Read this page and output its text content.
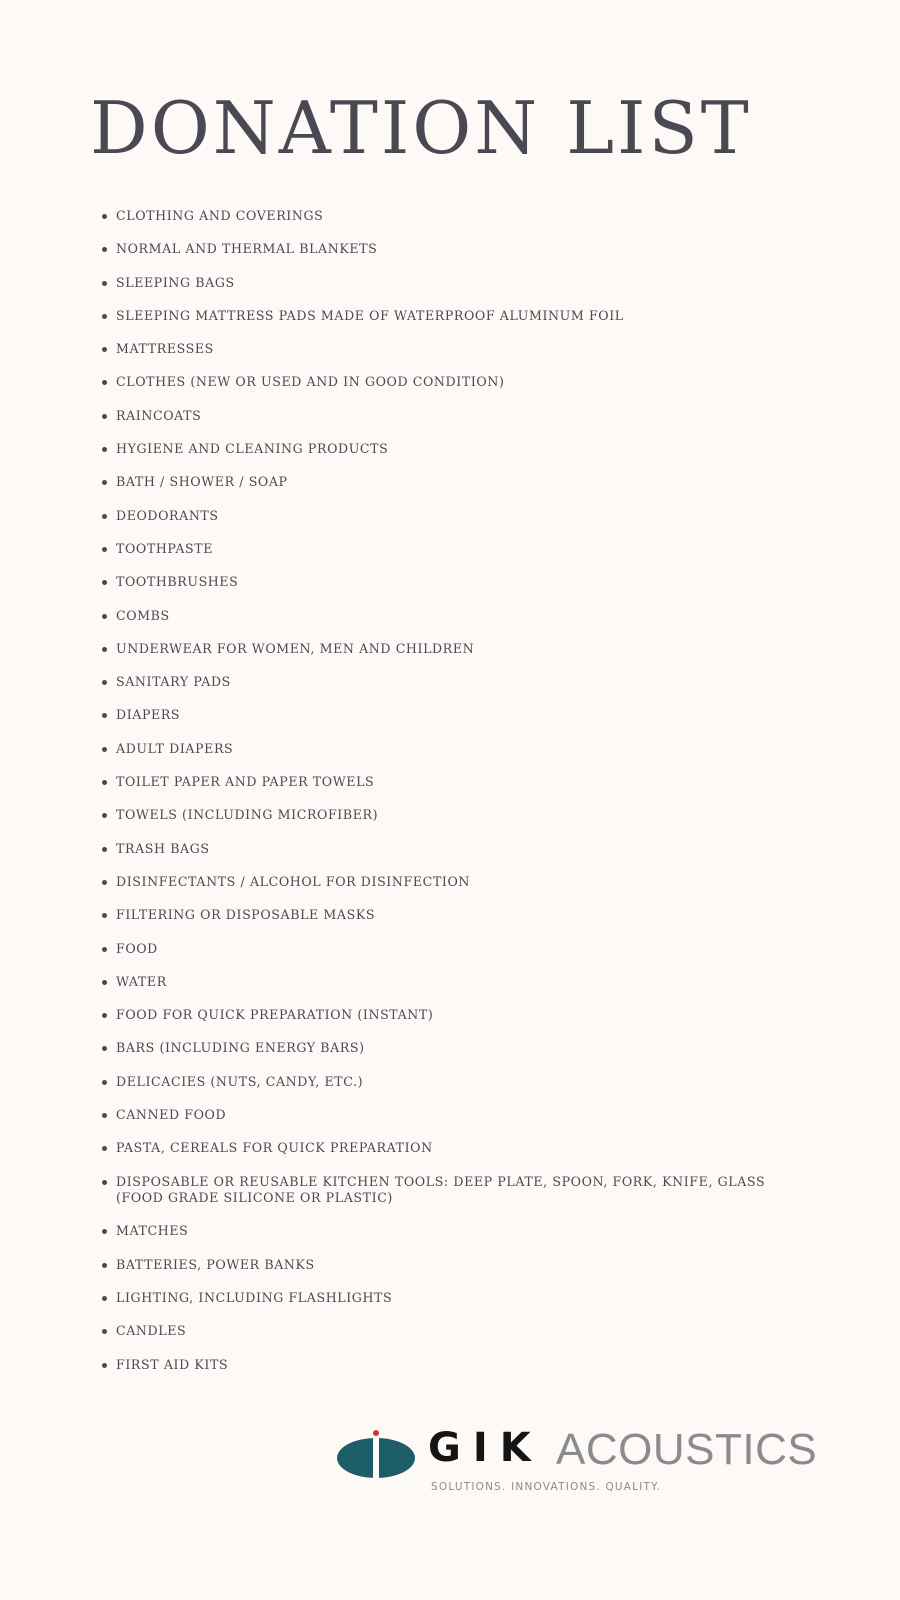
DONATION LIST
CLOTHING AND COVERINGS
NORMAL AND THERMAL BLANKETS
SLEEPING BAGS
SLEEPING MATTRESS PADS MADE OF WATERPROOF ALUMINUM FOIL
MATTRESSES
CLOTHES (NEW OR USED AND IN GOOD CONDITION)
RAINCOATS
HYGIENE AND CLEANING PRODUCTS
BATH / SHOWER / SOAP
DEODORANTS
TOOTHPASTE
TOOTHBRUSHES
COMBS
UNDERWEAR FOR WOMEN, MEN AND CHILDREN
SANITARY PADS
DIAPERS
ADULT DIAPERS
TOILET PAPER AND PAPER TOWELS
TOWELS (INCLUDING MICROFIBER)
TRASH BAGS
DISINFECTANTS / ALCOHOL FOR DISINFECTION
FILTERING OR DISPOSABLE MASKS
FOOD
WATER
FOOD FOR QUICK PREPARATION (INSTANT)
BARS (INCLUDING ENERGY BARS)
DELICACIES (NUTS, CANDY, ETC.)
CANNED FOOD
PASTA, CEREALS FOR QUICK PREPARATION
DISPOSABLE OR REUSABLE KITCHEN TOOLS: DEEP PLATE, SPOON, FORK, KNIFE, GLASS (FOOD GRADE SILICONE OR PLASTIC)
MATCHES
BATTERIES, POWER BANKS
LIGHTING, INCLUDING FLASHLIGHTS
CANDLES
FIRST AID KITS
GIK ACOUSTICS
SOLUTIONS. INNOVATIONS. QUALITY.
